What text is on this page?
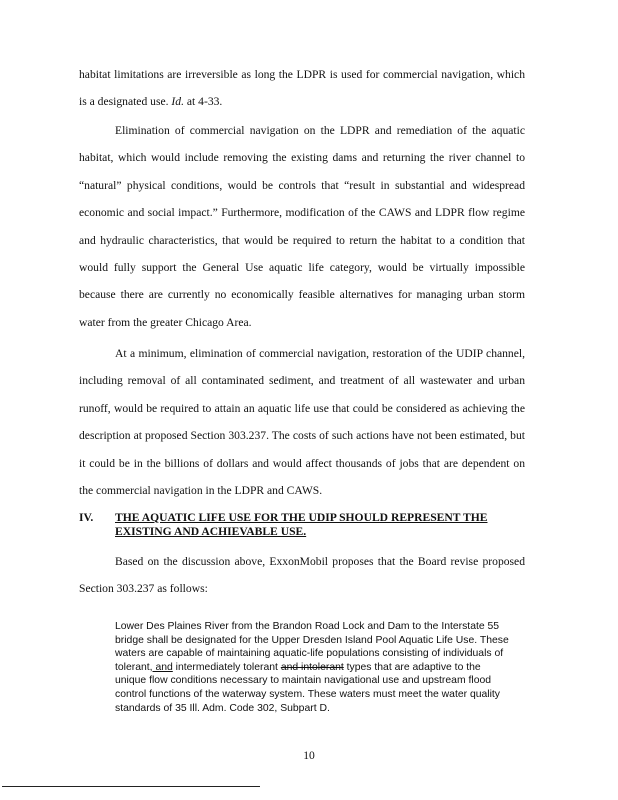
habitat limitations are irreversible as long the LDPR is used for commercial navigation, which is a designated use. Id. at 4-33.

Elimination of commercial navigation on the LDPR and remediation of the aquatic habitat, which would include removing the existing dams and returning the river channel to “natural” physical conditions, would be controls that “result in substantial and widespread economic and social impact.” Furthermore, modification of the CAWS and LDPR flow regime and hydraulic characteristics, that would be required to return the habitat to a condition that would fully support the General Use aquatic life category, would be virtually impossible because there are currently no economically feasible alternatives for managing urban storm water from the greater Chicago Area.

At a minimum, elimination of commercial navigation, restoration of the UDIP channel, including removal of all contaminated sediment, and treatment of all wastewater and urban runoff, would be required to attain an aquatic life use that could be considered as achieving the description at proposed Section 303.237. The costs of such actions have not been estimated, but it could be in the billions of dollars and would affect thousands of jobs that are dependent on the commercial navigation in the LDPR and CAWS.

IV. THE AQUATIC LIFE USE FOR THE UDIP SHOULD REPRESENT THE EXISTING AND ACHIEVABLE USE.

Based on the discussion above, ExxonMobil proposes that the Board revise proposed Section 303.237 as follows:

Lower Des Plaines River from the Brandon Road Lock and Dam to the Interstate 55 bridge shall be designated for the Upper Dresden Island Pool Aquatic Life Use. These waters are capable of maintaining aquatic-life populations consisting of individuals of tolerant, and intermediately tolerant and intolerant types that are adaptive to the unique flow conditions necessary to maintain navigational use and upstream flood control functions of the waterway system. These waters must meet the water quality standards of 35 Ill. Adm. Code 302, Subpart D.

10
